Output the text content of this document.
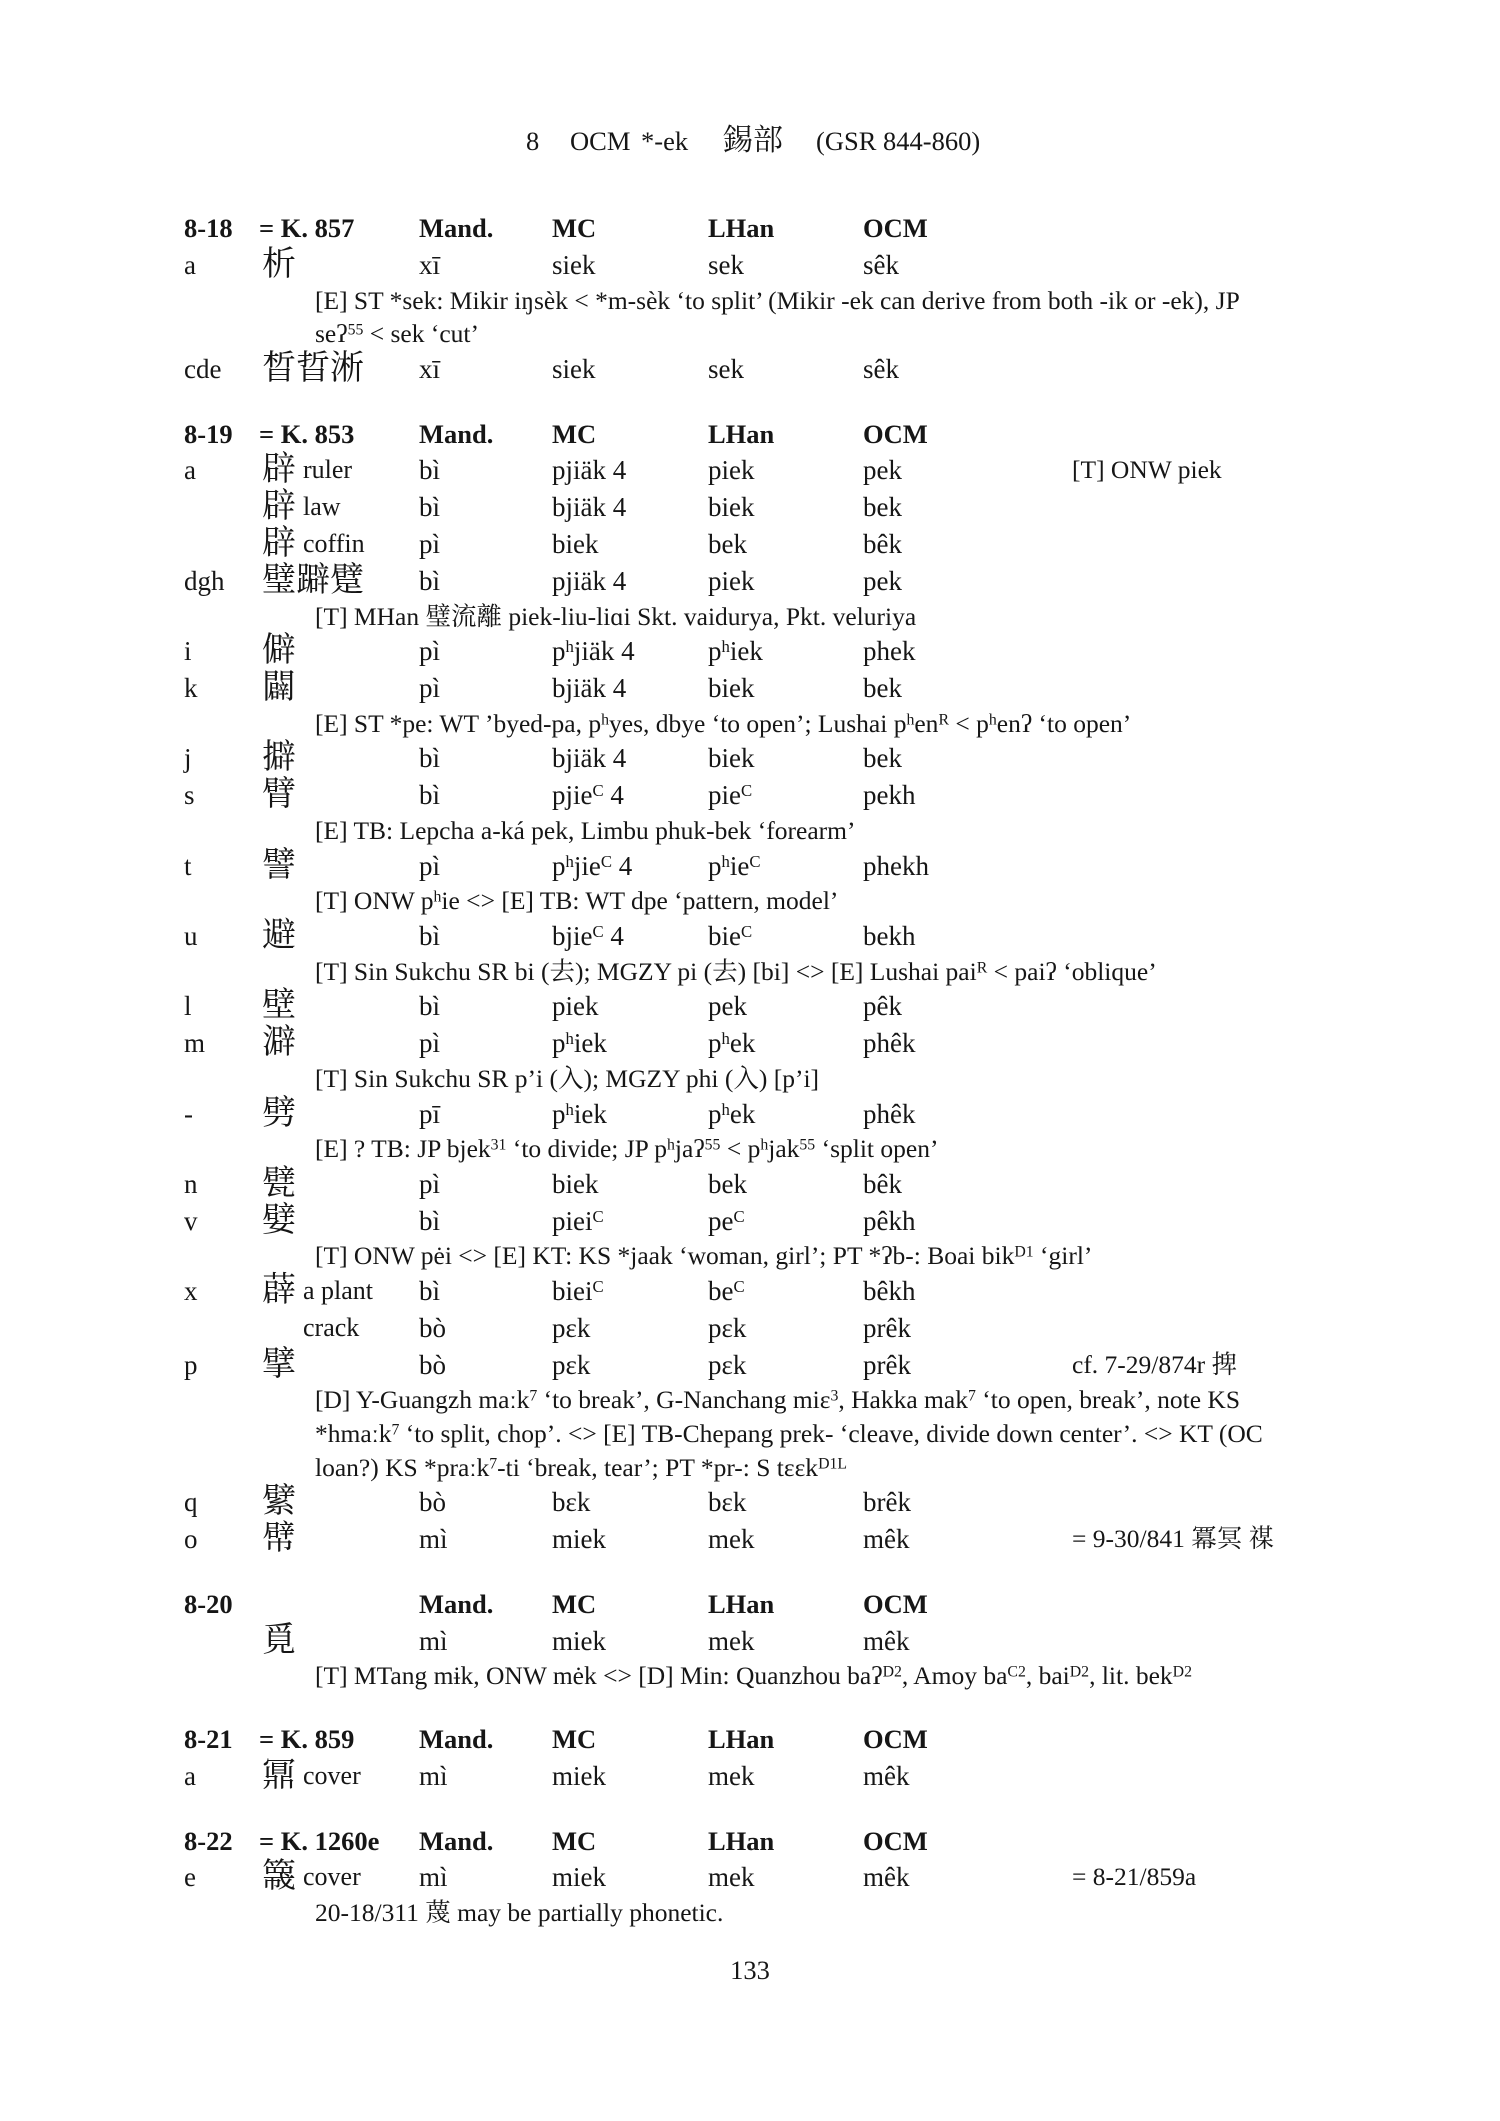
8 OCM *-ek 錫部 (GSR 844-860)
8-18 = K. 857 Mand. MC	LHan	OCM
a 析	xī	siek	sek	sêk
[E] ST *sek: Mikir iŋsèk < *m-sèk ‘to split’ (Mikir -ek can derive from both -ik or -ek), JP
seʔ$^{55}$ < sek ‘cut’
cde 晳晢淅 xī	siek	sek	sêk
8-19 = K. 853 Mand. MC	LHan	OCM
a 辟 ruler bì	pjiäk 4	piek	pek	[T] ONW piek
辟 law	bì	bjiäk 4	biek	bek
辟 coffin pì	biek	bek	bêk
dgh 璧躃躄 bì	pjiäk 4	piek	pek
[T] MHan 璧流離 piek-liu-liɑi Skt. vaidurya, Pkt. veluriya
i 僻	pì	$p^hjiäk$ 4	$p^hiek$	phek
k 闢	pì	bjiäk 4	biek	bek
[E] ST *pe: WT ’byed-pa, $p^hyes$, dbye ‘to open’; Lushai $p^hen^R$ < $p^henʔ$ ‘to open’
j 擗	bì	bjiäk 4	biek	bek
s 臂	bì	pjie$^C$ 4	pie$^C$	pekh
[E] TB: Lepcha a-ká pek, Limbu phuk-bek ‘forearm’
t 譬	pì	$p^hjie^C$ 4	$p^hie^C$	phekh
[T] ONW $p^hie <> [E]$ TB: WT dpe ‘pattern, model’
u 避	bì	bjie$^C$ 4	bie$^C$	bekh
[T] Sin Sukchu SR bi (去); MGZY pi (去) [bi] <> [E] Lushai pai$^R$ < paiʔ ‘oblique’
l 壁	bì	piek	pek	pêk
m 澼	pì	$p^hiek$	$p^hek$	phêk
[T] Sin Sukchu SR p’i (入); MGZY phi (入) [p’i]
- 劈	pī	$p^hiek$	$p^hek$	phêk
[E] ? TB: JP bjek$^{31}$ ‘to divide; JP $p^hjaʔ^{55} < p^hjak^{55}$ ‘split open’
n 甓	pì	biek	bek	bêk
v 嬖	bì	piei$^C$	$pe^C$	pêkh
[T] ONW pėi <> [E] KT: KS *jaak ‘woman, girl’; PT *ʔb-: Boai bik$^{D1}$ ‘girl’
x 薜 a plant bì	biei$^C$	$be^C$	bêkh
crack bò	pɛk	pɛk	prêk
p 擘	bò	pɛk	pɛk	prêk	cf. 7-29/874r 捭
[D] Y-Guangzh maːk$^7$ ‘to break’, G-Nanchang miɛ$^3$, Hakka mak$^7$ ‘to open, break’, note KS
*hmaːk$^7$ ‘to split, chop’. <> [E] TB-Chepang prek- ‘cleave, divide down center’. <> KT (OC
loan?) KS *praːk$^7$-ti ‘break, tear’; PT *pr-: S tɛɛk$^{D1L}$
q 繴	bò	bɛk	bɛk	brêk
o 幦	mì	miek	mek	mêk	= 9-30/841 冪冥 禖
8-20	Mand. MC	LHan	OCM
覓	mì	miek	mek	mêk
[T] MTang mɨk, ONW mėk <> [D] Min: Quanzhou baʔ$^{D2}$, Amoy $ba^{C2}$, bai$^{D2}$, lit. bek$^{D2}$
8-21 = K. 859 Mand. MC	LHan	OCM
a 鼏 cover mì	miek	mek	mêk
8-22 = K. 1260e Mand. MC	LHan	OCM
e 簚 cover mì	miek	mek	mêk	= 8-21/859a
20-18/311 蔑 may be partially phonetic.
133
